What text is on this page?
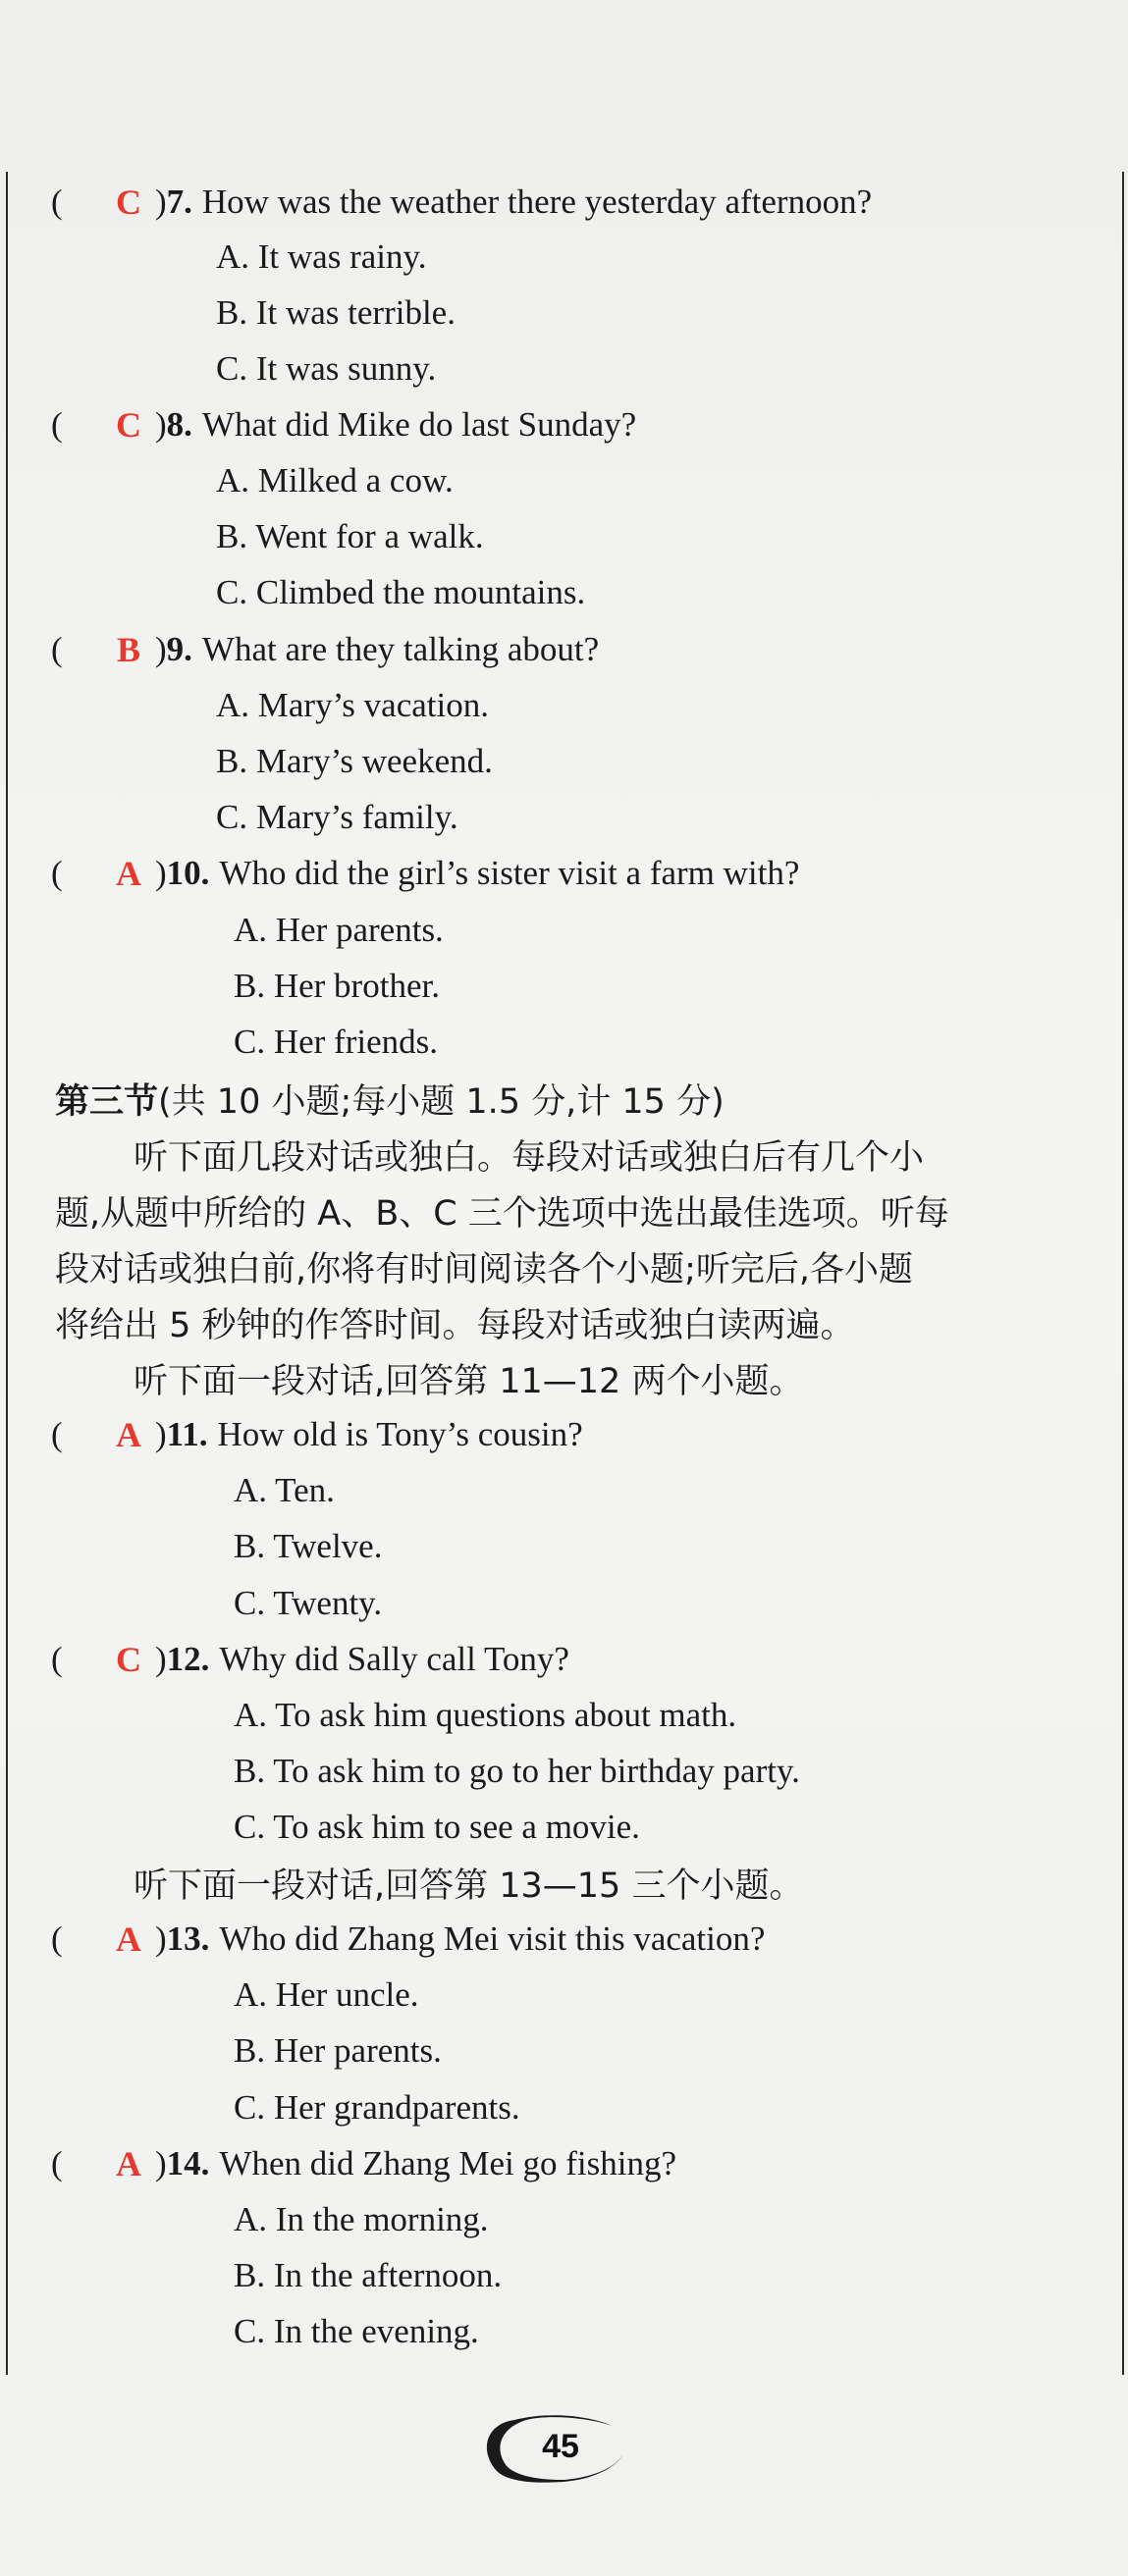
(	C ) 7. How was the weather there yesterday afternoon?
A. It was rainy.
B. It was terrible.
C. It was sunny.
(	C ) 8. What did Mike do last Sunday?
A. Milked a cow.
B. Went for a walk.
C. Climbed the mountains.
(	B ) 9. What are they talking about?
A. Mary’s vacation.
B. Mary’s weekend.
C. Mary’s family.
(	A ) 10. Who did the girl’s sister visit a farm with?
A. Her parents.
B. Her brother.
C. Her friends.
第三节 (共 10 小题;每小题 1.5 分,计 15 分)
听下面几段对话或独白。每段对话或独白后有几个小
题,从题中所给的 A、B、C 三个选项中选出最佳选项。听每
段对话或独白前,你将有时间阅读各个小题;听完后,各小题
将给出 5 秒钟的作答时间。每段对话或独白读两遍。
听下面一段对话,回答第 11—12 两个小题。
(	A ) 11. How old is Tony’s cousin?
A. Ten.
B. Twelve.
C. Twenty.
(	C ) 12. Why did Sally call Tony?
A. To ask him questions about math.
B. To ask him to go to her birthday party.
C. To ask him to see a movie.
听下面一段对话,回答第 13—15 三个小题。
(	A ) 13. Who did Zhang Mei visit this vacation?
A. Her uncle.
B. Her parents.
C. Her grandparents.
(	A ) 14. When did Zhang Mei go fishing?
A. In the morning.
B. In the afternoon.
C. In the evening.
45
